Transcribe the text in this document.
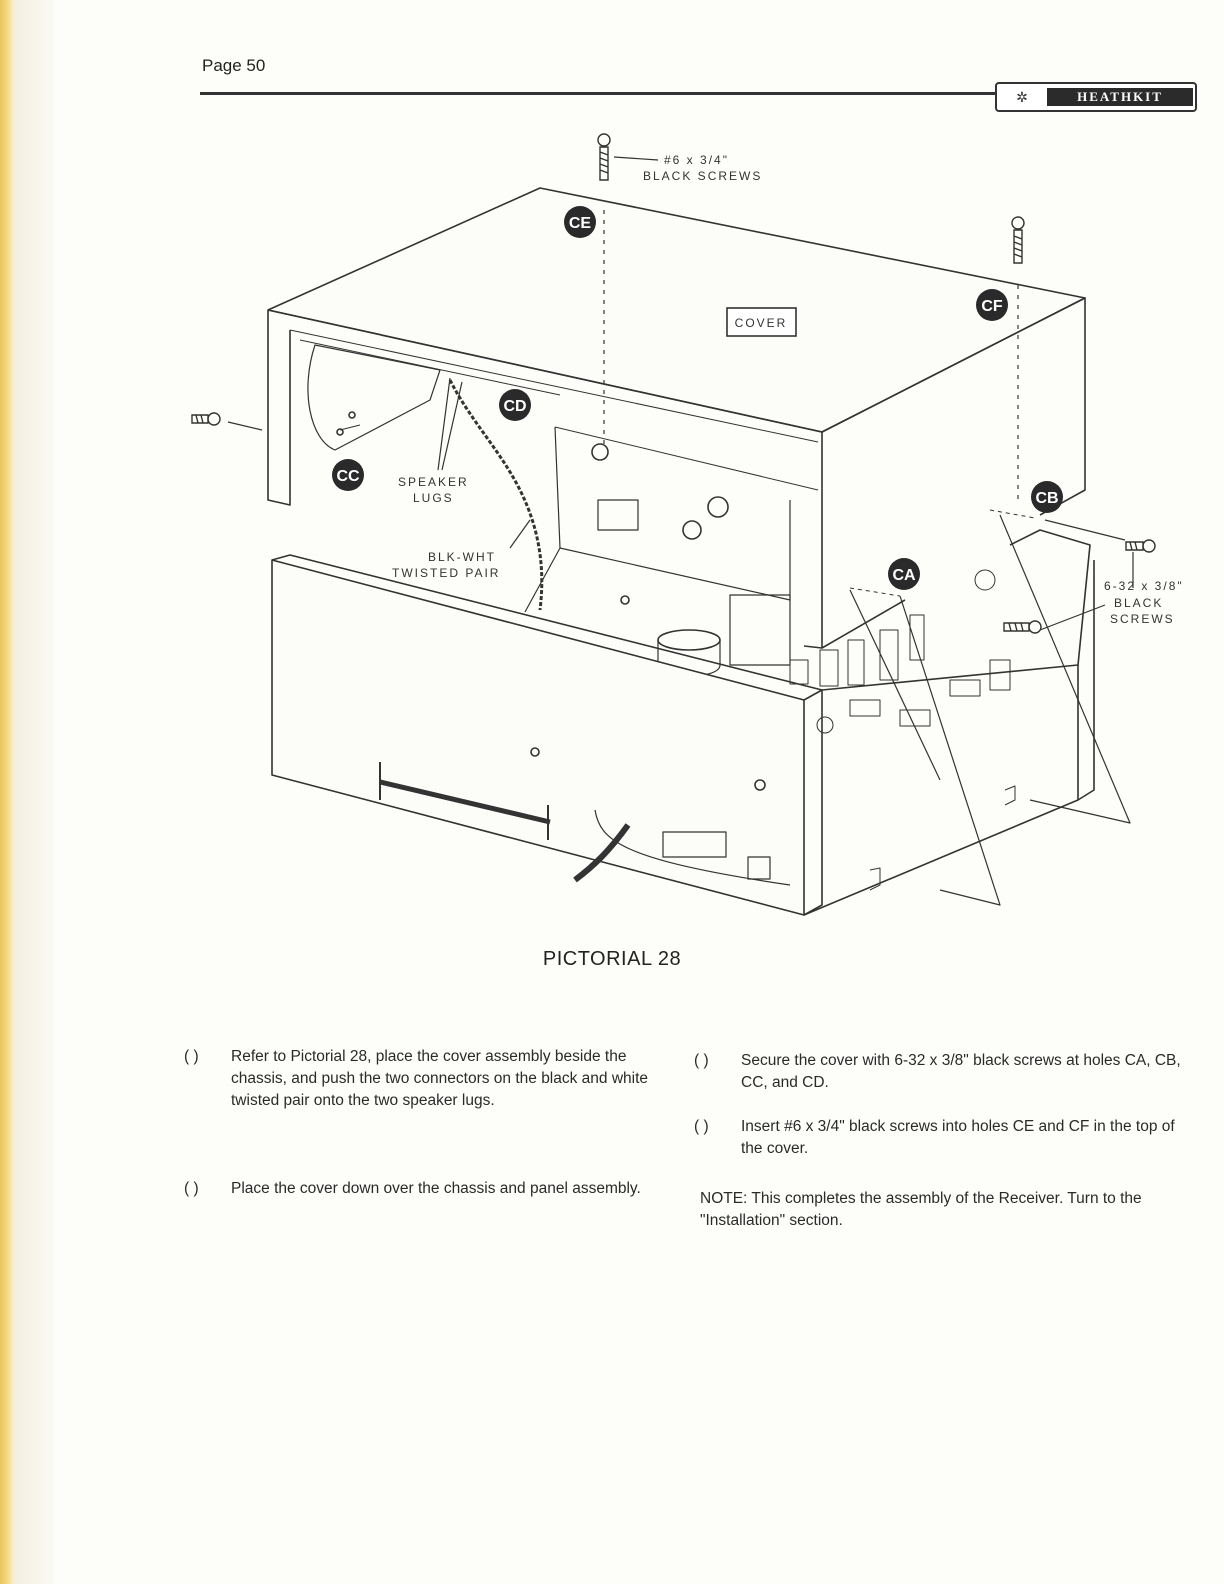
Page 50
✲	HEATHKIT
CE
CF
CD
CC
CB
CA
COVER
#6 x 3/4"
BLACK SCREWS
SPEAKER
LUGS
BLK-WHT
TWISTED PAIR
6-32 x 3/8"
BLACK
SCREWS
PICTORIAL 28
( ) Refer to Pictorial 28, place the cover assembly beside the chassis, and push the two connectors on the black and white twisted pair onto the two speaker lugs.
( ) Place the cover down over the chassis and panel assembly.
( ) Secure the cover with 6-32 x 3/8" black screws at holes CA, CB, CC, and CD.
( ) Insert #6 x 3/4" black screws into holes CE and CF in the top of the cover.
NOTE: This completes the assembly of the Receiver. Turn to the "Installation" section.
